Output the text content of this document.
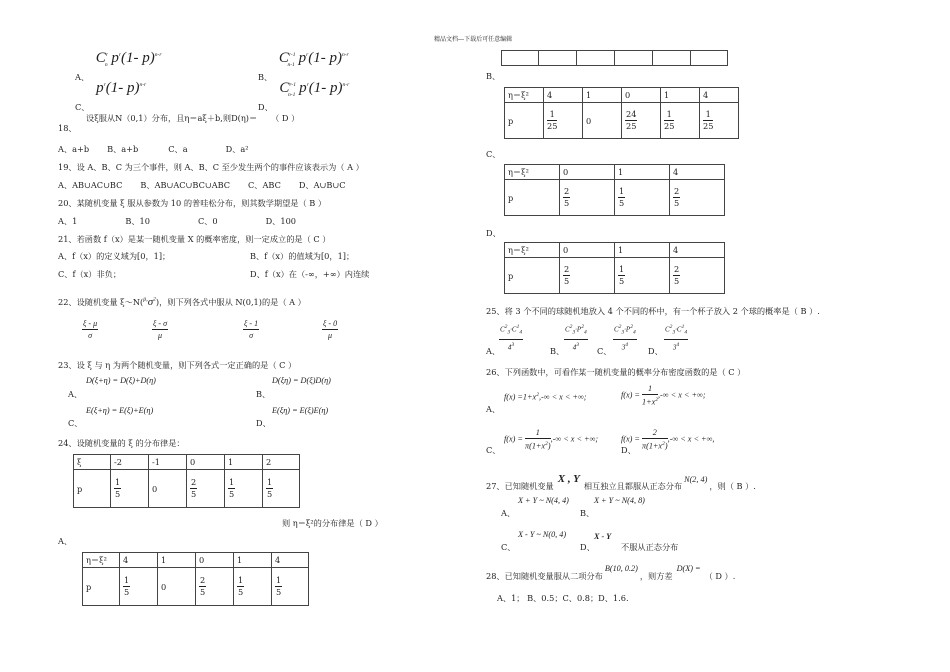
精品文档---下载后可任意编辑
A、 $C^r_n$ $p^r(1-$ p)$^{n-r}$
B、 $C^{r-1}_{n-1}$ $p^r(1-$ p)$^{n-r}$
C、 $p^r(1-$ p)$^{n-r}$
D、 $C^{r-1}_{n-1}$ $p^r(1-$ p)$^{n-r}$
设ξ服从N（0,1）分布，且η＝aξ＋b,则D(η)＝ （ D ）
18、
A、a+b B、a+b	C、a	D、a²
19、设 A、B、C 为三个事件，则 A、B、C 至少发生两个的事件应该表示为（ A ）
A、AB∪AC∪BC B、AB∪AC∪BC∪ABC C、ABC D、A∪B∪C
20、某随机变量 ξ 服从参数为 10 的普哇松分布，则其数学期望是（ B ）
A、1	B、10	C、0	D、100
21、若函数 f（x）是某一随机变量 X 的概率密度，则一定成立的是（ C ）
A、f（x）的定义域为[0，1]；	B、f（x）的值域为[0，1]；
C、f（x）非负；	D、f（x）在（-∞，+∞）内连续
22、设随机变量 $\xi\sim N(^{\mu,}\sigma^2)$，则下列各式中服从 N(0,1)的是（ A ）
$\frac{\xi - \mu}{\sigma}$	$\frac{\xi - \sigma}{\mu}$	$\frac{\xi - 1}{\sigma}$	$\frac{\xi - 0}{\mu}$
23、设 ξ 与 η 为两个随机变量，则下列各式一定正确的是（ C ）
D(ξ+η) = D(ξ)+D(η)	D(ξη) = D(ξ)D(η)
A、	B、
E(ξ+η) = E(ξ)+E(η)	E(ξη) = E(ξ)E(η)
C、	D、
24、设随机变量的 ξ 的分布律是：
ξ	-2	-1	0	1	2
p	$\frac{1}{5}$	0	$\frac{2}{5}$	$\frac{1}{5}$	$\frac{1}{5}$
则 η＝ξ²的分布律是（ D ）
A、
η＝ξ²	4	1	0	1	4
p	$\frac{1}{5}$	0	$\frac{2}{5}$	$\frac{1}{5}$	$\frac{1}{5}$

B、
η＝ξ²	4	1	0	1	4
p	$\frac{1}{25}$	0	$\frac{24}{25}$	$\frac{1}{25}$	$\frac{1}{25}$
C、
η＝ξ²	0	1	4
p	$\frac{2}{5}$	$\frac{1}{5}$	$\frac{2}{5}$
D、
η＝ξ²	0	1	4
p	$\frac{2}{5}$	$\frac{1}{5}$	$\frac{2}{5}$
25、将 3 个不同的球随机地放入 4 个不同的杯中，有一个杯子放入 2 个球的概率是（ B ）.
$\frac{C^2_3\cdot C^1_4}{4^3}$	$\frac{C^2_3\cdot P^2_4}{4^3}$	$\frac{C^2_3\cdot P^2_4}{3^4}$	$\frac{C^2_3\cdot C^1_4}{3^4}$
A、	B、	C、	D、
26、下列函数中，可看作某一随机变量的概率分布密度函数的是（ C ）
$f(x) =1+x^2,-\infty < x$ < +∞;	$f(x) = \frac{1}{1+x^2}$ ,-∞ < x < +∞;
A、
$f(x) = \frac{1}{\pi(1+x^2)}$ ,-∞ < x < +∞;	$f(x) = \frac{2}{\pi(1+x^2)}$ ,-∞ < x < +∞,
C、	D、
27、已知随机变量X , Y相互独立且都服从正态分布N(2, 4)，则（ B ）.
X + Y ~ N(4, 4)	X + Y ~ N(4, 8)
A、	B、
X - Y ~ N(0, 4)
C、	D、
X - Y
不服从正态分布
28、已知随机变量服从二项分布B(10, 0.2)，则方差D(X) =（ D ）.
A、1； B、0.5；C、0.8；D、1.6.
